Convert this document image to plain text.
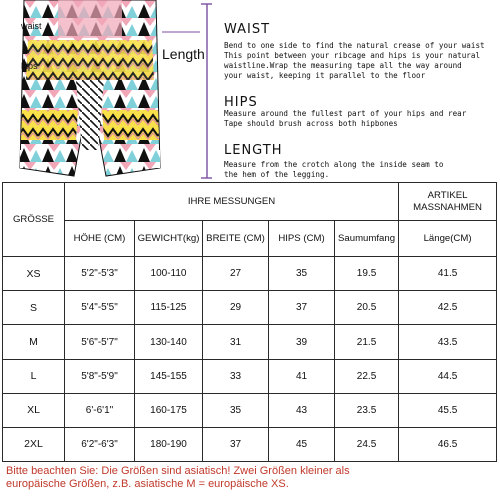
waist
hips
Length
WAIST
Bend to one side to find the natural crease of your waist
This point between your ribcage and hips is your natural
waistline.Wrap the measuring tape all the way around
your waist, keeping it parallel to the floor
HIPS
Measure around the fullest part of your hips and rear
Tape should brush across both hipbones
LENGTH
Measure from the crotch along the inside seam to
the hem of the legging.
GRÖSSE	IHRE MESSUNGEN					ARTIKEL MASSNAHMEN
	HÖHE (CM)	GEWICHT(kg)	BREITE (CM)	HIPS (CM)	Saumumfang	Länge(CM)
XS	5'2"-5'3"	100-110	27	35	19.5	41.5
S	5'4"-5'5"	115-125	29	37	20.5	42.5
M	5'6"-5'7"	130-140	31	39	21.5	43.5
L	5'8"-5'9"	145-155	33	41	22.5	44.5
XL	6'-6'1"	160-175	35	43	23.5	45.5
2XL	6'2"-6'3"	180-190	37	45	24.5	46.5
Bitte beachten Sie: Die Größen sind asiatisch! Zwei Größen kleiner als
europäische Größen, z.B. asiatische M = europäische XS.
